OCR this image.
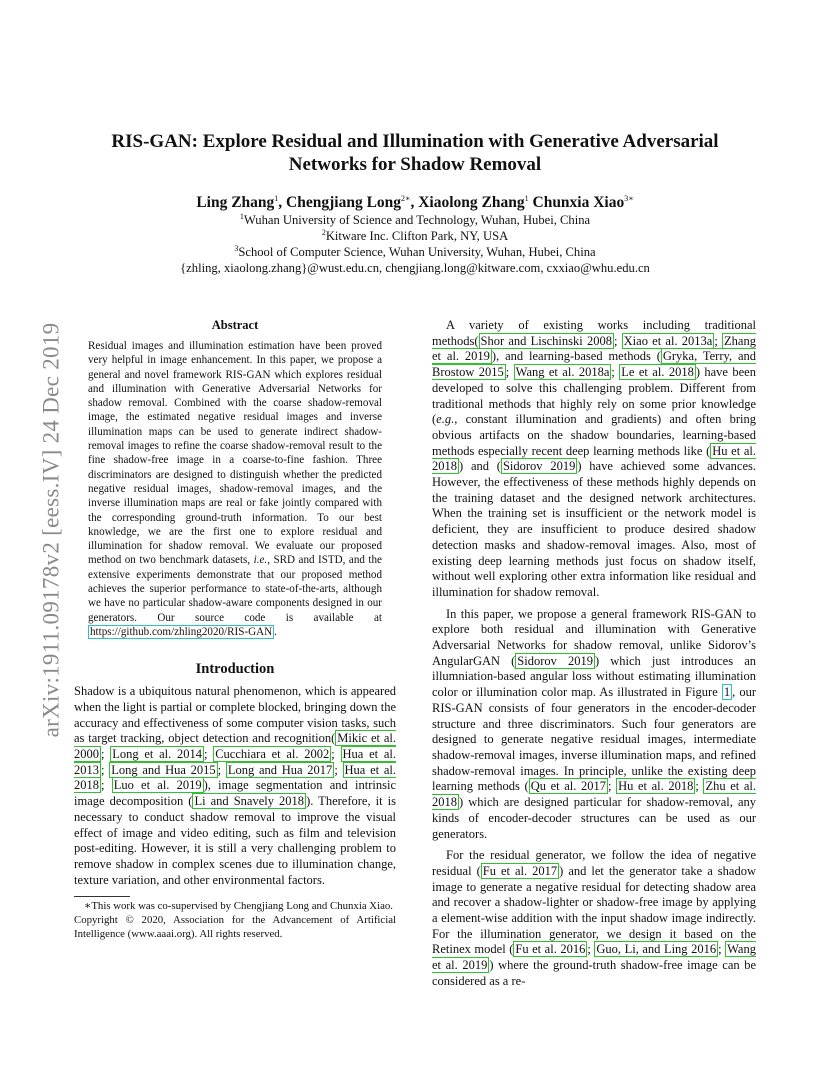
arXiv:1911.09178v2 [eess.IV] 24 Dec 2019
RIS-GAN: Explore Residual and Illumination with Generative Adversarial
Networks for Shadow Removal
Ling Zhang$^1$, Chengjiang Long$^{2∗}$, Xiaolong Zhang$^1$ Chunxia Xiao$^{3∗}$
$^1$Wuhan University of Science and Technology, Wuhan, Hubei, China
$^2$Kitware Inc. Clifton Park, NY, USA
$^3$School of Computer Science, Wuhan University, Wuhan, Hubei, China
{zhling, xiaolong.zhang}@wust.edu.cn, chengjiang.long@kitware.com, cxxiao@whu.edu.cn
Abstract
Residual images and illumination estimation have been proved very helpful in image enhancement. In this paper, we propose a general and novel framework RIS-GAN which explores residual and illumination with Generative Adversarial Networks for shadow removal. Combined with the coarse shadow-removal image, the estimated negative residual images and inverse illumination maps can be used to generate indirect shadow-removal images to refine the coarse shadow-removal result to the fine shadow-free image in a coarse-to-fine fashion. Three discriminators are designed to distinguish whether the predicted negative residual images, shadow-removal images, and the inverse illumination maps are real or fake jointly compared with the corresponding ground-truth information. To our best knowledge, we are the first one to explore residual and illumination for shadow removal. We evaluate our proposed method on two benchmark datasets, i.e., SRD and ISTD, and the extensive experiments demonstrate that our proposed method achieves the superior performance to state-of-the-arts, although we have no particular shadow-aware components designed in our generators. Our source code is available at https://github.com/zhling2020/RIS-GAN .
Introduction

Shadow is a ubiquitous natural phenomenon, which is appeared when the light is partial or complete blocked, bringing down the accuracy and effectiveness of some computer vision tasks, such as target tracking, object detection and recognition( Mikic et al. 2000 ; Long et al. 2014 ; Cucchiara et al. 2002 ; Hua et al. 2013 ; Long and Hua 2015 ; Long and Hua 2017 ; Hua et al. 2018 ; Luo et al. 2019 ), image segmentation and intrinsic image decomposition ( Li and Snavely 2018 ). Therefore, it is necessary to conduct shadow removal to improve the visual effect of image and video editing, such as film and television post-editing. However, it is still a very challenging problem to remove shadow in complex scenes due to illumination change, texture variation, and other environmental factors.

∗This work was co-supervised by Chengjiang Long and Chunxia Xiao.
Copyright © 2020, Association for the Advancement of Artificial Intelligence (www.aaai.org). All rights reserved.

A variety of existing works including traditional methods( Shor and Lischinski 2008 ; Xiao et al. 2013a ; Zhang et al. 2019 ), and learning-based methods ( Gryka, Terry, and Brostow 2015 ; Wang et al. 2018a ; Le et al. 2018 ) have been developed to solve this challenging problem. Different from traditional methods that highly rely on some prior knowledge (e.g., constant illumination and gradients) and often bring obvious artifacts on the shadow boundaries, learning-based methods especially recent deep learning methods like ( Hu et al. 2018 ) and ( Sidorov 2019 ) have achieved some advances. However, the effectiveness of these methods highly depends on the training dataset and the designed network architectures. When the training set is insufficient or the network model is deficient, they are insufficient to produce desired shadow detection masks and shadow-removal images. Also, most of existing deep learning methods just focus on shadow itself, without well exploring other extra information like residual and illumination for shadow removal.

In this paper, we propose a general framework RIS-GAN to explore both residual and illumination with Generative Adversarial Networks for shadow removal, unlike Sidorov’s AngularGAN ( Sidorov 2019 ) which just introduces an illumniation-based angular loss without estimating illumination color or illumination color map. As illustrated in Figure 1 , our RIS-GAN consists of four generators in the encoder-decoder structure and three discriminators. Such four generators are designed to generate negative residual images, intermediate shadow-removal images, inverse illumination maps, and refined shadow-removal images. In principle, unlike the existing deep learning methods ( Qu et al. 2017 ; Hu et al. 2018 ; Zhu et al. 2018 ) which are designed particular for shadow-removal, any kinds of encoder-decoder structures can be used as our generators.

For the residual generator, we follow the idea of negative residual ( Fu et al. 2017 ) and let the generator take a shadow image to generate a negative residual for detecting shadow area and recover a shadow-lighter or shadow-free image by applying a element-wise addition with the input shadow image indirectly. For the illumination generator, we design it based on the Retinex model ( Fu et al. 2016 ; Guo, Li, and Ling 2016 ; Wang et al. 2019 ) where the ground-truth shadow-free image can be considered as a re-
